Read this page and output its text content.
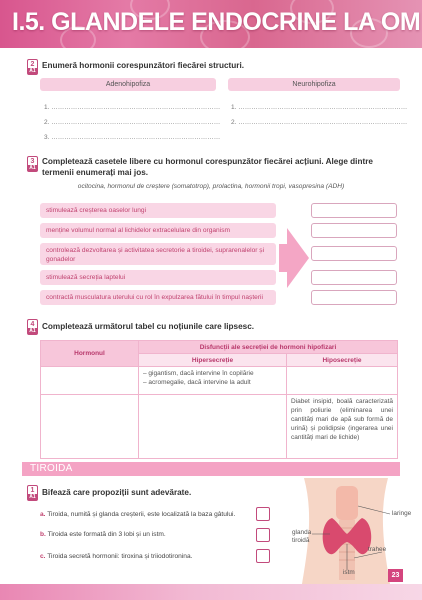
I.5. GLANDELE ENDOCRINE LA OM
2
A1
Enumeră hormonii corespunzători fiecărei structuri.
Adenohipofiza	Neurohipofiza
1. ……………………………………………………………………
2. ……………………………………………………………………
3. ……………………………………………………………………
1. ……………………………………………………………………
2. ……………………………………………………………………
3
A1
Completează casetele libere cu hormonul corespunzător fiecărei acțiuni. Alege dintre termenii enumerați mai jos.
ocitocina, hormonul de creștere (somatotrop), prolactina, hormonii tropi, vasopresina (ADH)
stimulează creșterea oaselor lungi
menține volumul normal al lichidelor extracelulare din organism
controlează dezvoltarea și activitatea secretorie a tiroidei, suprarenalelor și gonadelor
stimulează secreția laptelui
contractă musculatura uterului cu rol în expulzarea fătului în timpul nașterii
4
A1 Completează următorul tabel cu noțiunile care lipsesc.
Hormonul	Disfuncții ale secreției de hormoni hipofizari	
	Hipersecreție	Hiposecreție

	– gigantism, dacă intervine în copilărie
– acromegalie, dacă intervine la adult	

		Diabet insipid, boală caracterizată prin poliurie (eliminarea unei cantități mari de apă sub formă de urină) și polidipsie (ingerarea unei cantități mari de lichide)
TIROIDA
1
A1 Bifează care propoziții sunt adevărate.
a. Tiroida, numită și glanda creșterii, este localizată la baza gâtului.
b. Tiroida este formată din 3 lobi și un istm.
c. Tiroida secretă hormonii: tiroxina și triiodotironina.
laringe
glanda
tiroidă
trahee
istm	23
